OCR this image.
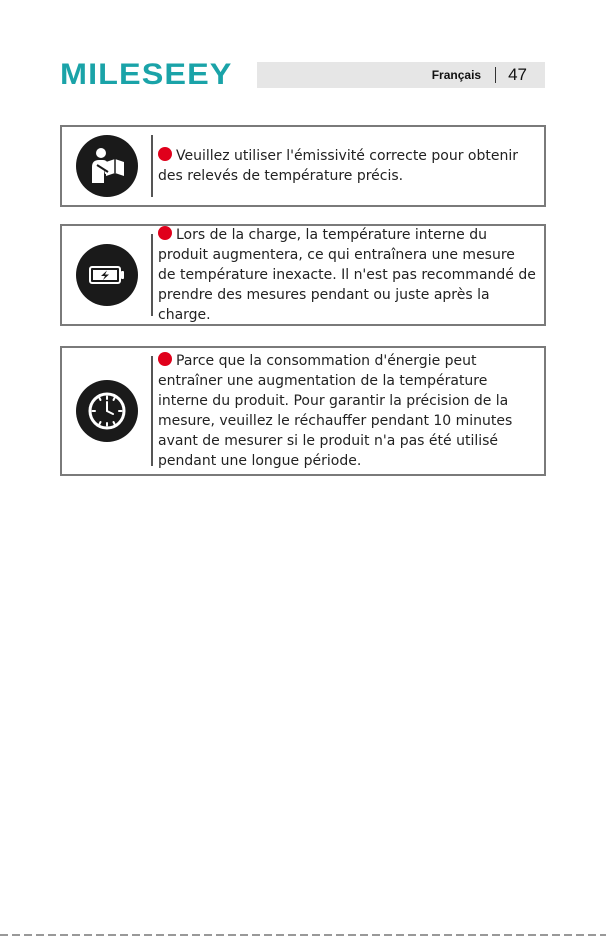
MILESEEY	Français 47
Veuillez utiliser l'émissivité correcte pour obtenir des relevés de température précis.
Lors de la charge, la température interne du produit augmentera, ce qui entraînera une mesure de température inexacte. Il n'est pas recommandé de prendre des mesures pendant ou juste après la charge.
Parce que la consommation d'énergie peut entraîner une augmentation de la température interne du produit. Pour garantir la précision de la mesure, veuillez le réchauffer pendant 10 minutes avant de mesurer si le produit n'a pas été utilisé pendant une longue période.
